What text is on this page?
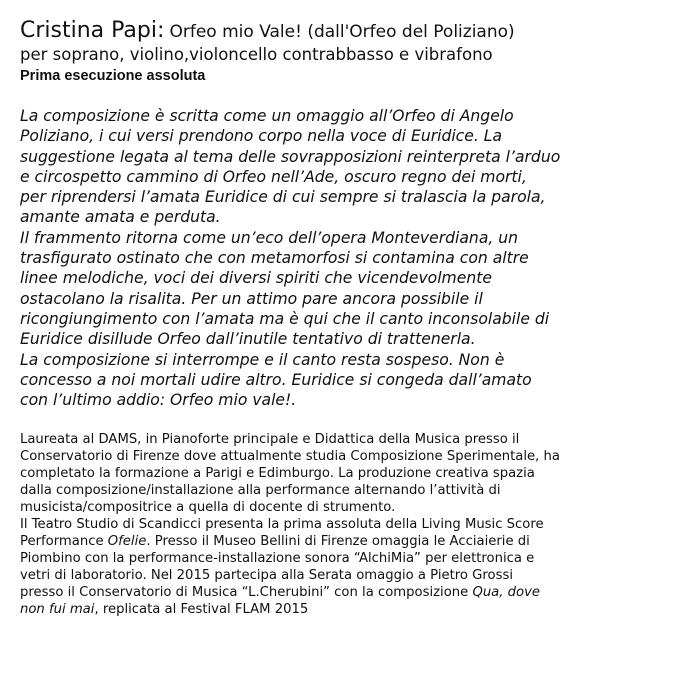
Cristina Papi: Orfeo mio Vale! (dall'Orfeo del Poliziano)
per soprano, violino,violoncello contrabbasso e vibrafono
Prima esecuzione assoluta
La composizione è scritta come un omaggio all’Orfeo di Angelo
Poliziano, i cui versi prendono corpo nella voce di Euridice. La
suggestione legata al tema delle sovrapposizioni reinterpreta l’arduo
e circospetto cammino di Orfeo nell’Ade, oscuro regno dei morti,
per riprendersi l’amata Euridice di cui sempre si tralascia la parola,
amante amata e perduta.
Il frammento ritorna come un’eco dell’opera Monteverdiana, un
trasfigurato ostinato che con metamorfosi si contamina con altre
linee melodiche, voci dei diversi spiriti che vicendevolmente
ostacolano la risalita. Per un attimo pare ancora possibile il
ricongiungimento con l’amata ma è qui che il canto inconsolabile di
Euridice disillude Orfeo dall’inutile tentativo di trattenerla.
La composizione si interrompe e il canto resta sospeso. Non è
concesso a noi mortali udire altro. Euridice si congeda dall’amato
con l’ultimo addio: Orfeo mio vale!.
Laureata al DAMS, in Pianoforte principale e Didattica della Musica presso il
Conservatorio di Firenze dove attualmente studia Composizione Sperimentale, ha
completato la formazione a Parigi e Edimburgo. La produzione creativa spazia
dalla composizione/installazione alla performance alternando l’attività di
musicista/compositrice a quella di docente di strumento.
Il Teatro Studio di Scandicci presenta la prima assoluta della Living Music Score
Performance Ofelie. Presso il Museo Bellini di Firenze omaggia le Acciaierie di
Piombino con la performance-installazione sonora “AlchiMia” per elettronica e
vetri di laboratorio. Nel 2015 partecipa alla Serata omaggio a Pietro Grossi
presso il Conservatorio di Musica “L.Cherubini” con la composizione Qua, dove
non fui mai, replicata al Festival FLAM 2015
